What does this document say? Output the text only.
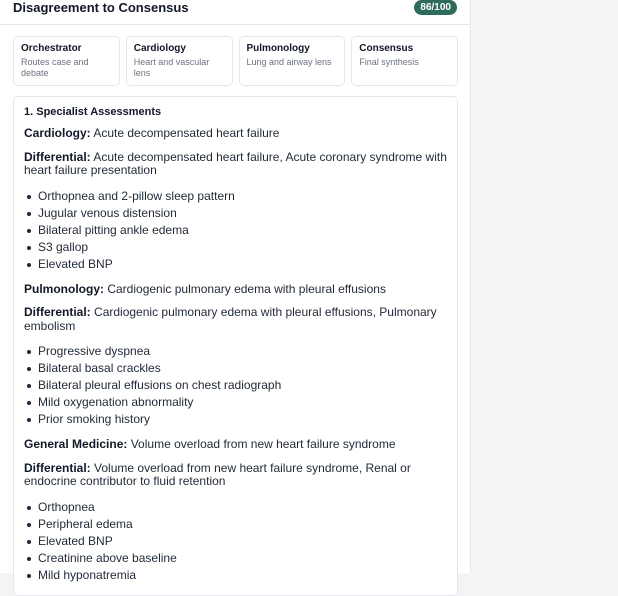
Disagreement to Consensus	86/100
Orchestrator
Routes case and debate
Cardiology
Heart and vascular lens
Pulmonology
Lung and airway lens
Consensus
Final synthesis
1. Specialist Assessments

Cardiology: Acute decompensated heart failure

Differential: Acute decompensated heart failure, Acute coronary syndrome with heart failure presentation

Orthopnea and 2-pillow sleep pattern
Jugular venous distension
Bilateral pitting ankle edema
S3 gallop
Elevated BNP

Pulmonology: Cardiogenic pulmonary edema with pleural effusions

Differential: Cardiogenic pulmonary edema with pleural effusions, Pulmonary embolism

Progressive dyspnea
Bilateral basal crackles
Bilateral pleural effusions on chest radiograph
Mild oxygenation abnormality
Prior smoking history

General Medicine: Volume overload from new heart failure syndrome

Differential: Volume overload from new heart failure syndrome, Renal or endocrine contributor to fluid retention

Orthopnea
Peripheral edema
Elevated BNP
Creatinine above baseline
Mild hyponatremia
